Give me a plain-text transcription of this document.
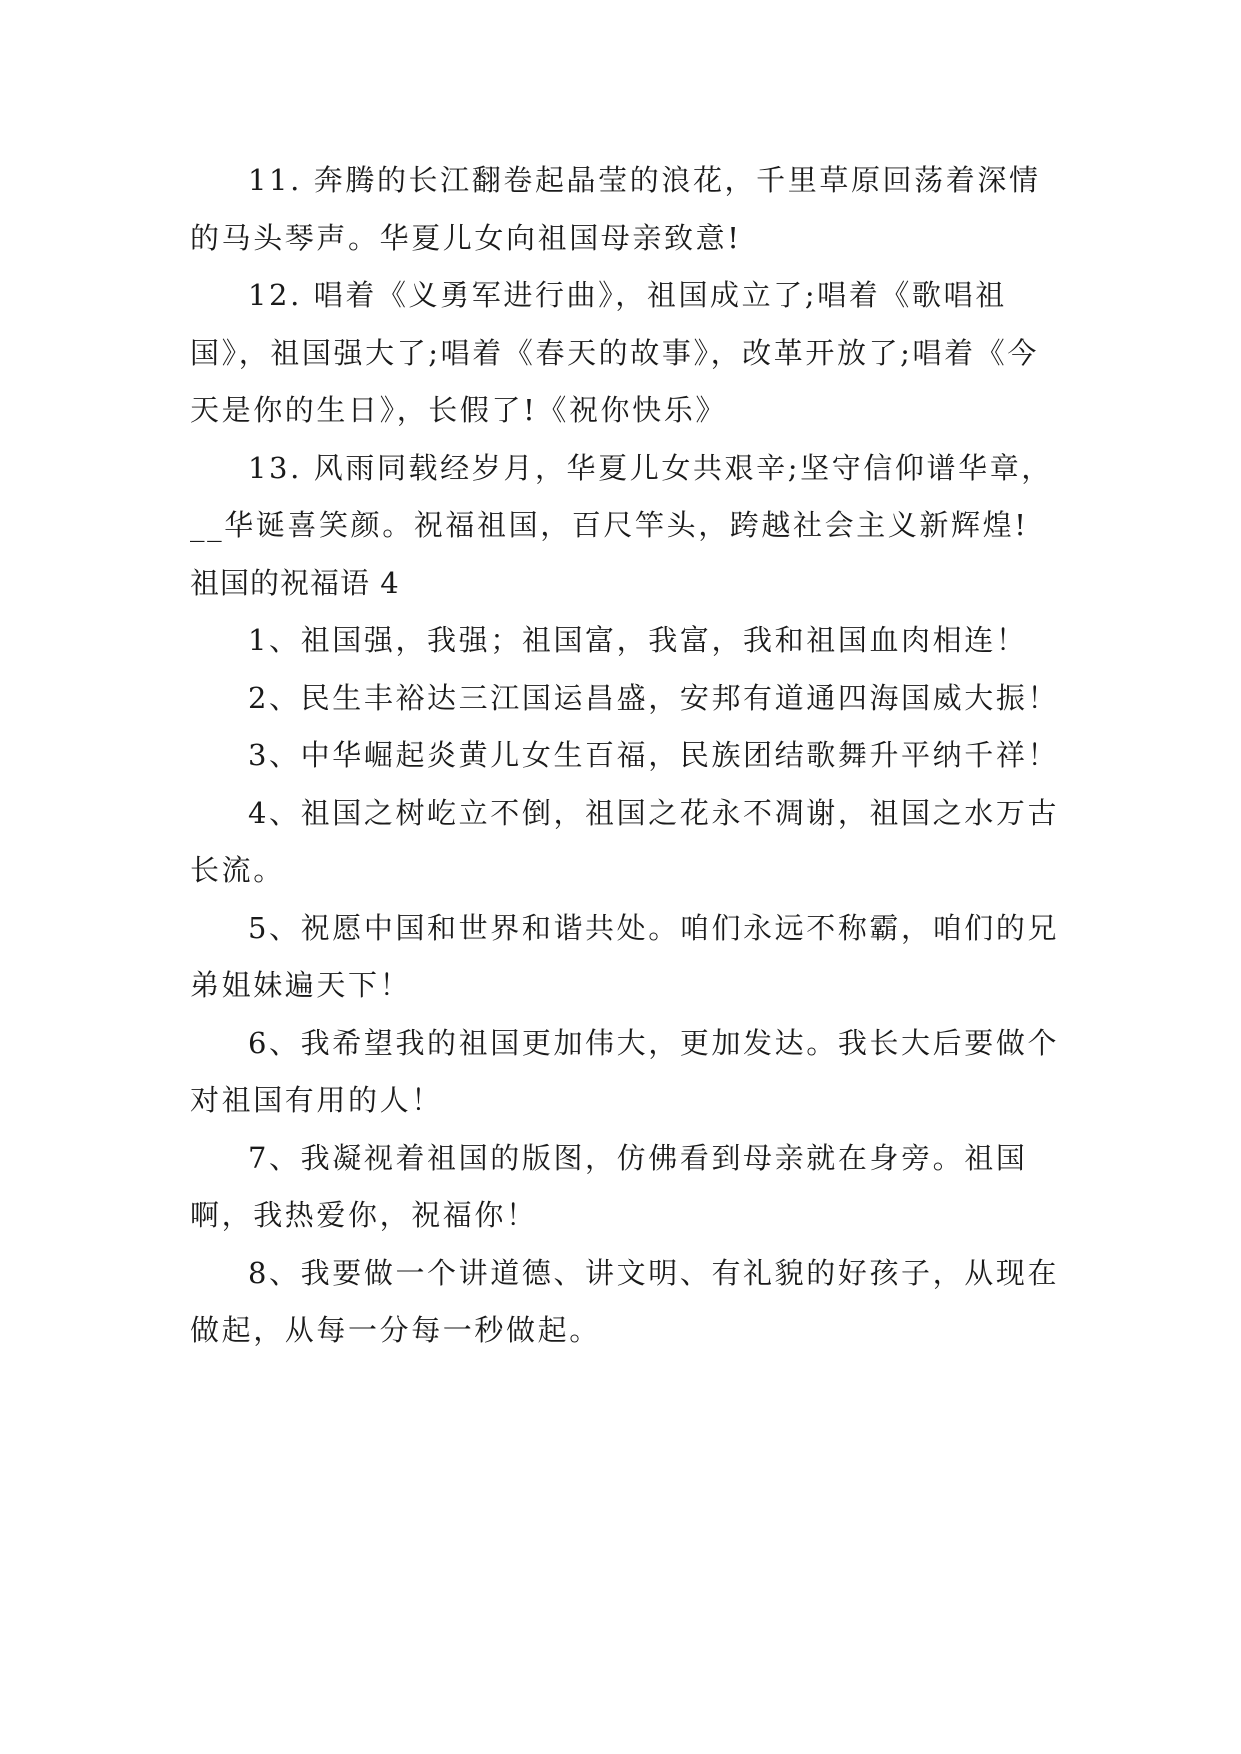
11. 奔腾的长江翻卷起晶莹的浪花，千里草原回荡着深情的马头琴声。华夏儿女向祖国母亲致意!

12. 唱着《义勇军进行曲》，祖国成立了;唱着《歌唱祖国》，祖国强大了;唱着《春天的故事》，改革开放了;唱着《今天是你的生日》，长假了!《祝你快乐》

13. 风雨同载经岁月，华夏儿女共艰辛;坚守信仰谱华章，__华诞喜笑颜。祝福祖国，百尺竿头，跨越社会主义新辉煌!

祖国的祝福语 4

1、祖国强，我强；祖国富，我富，我和祖国血肉相连！

2、民生丰裕达三江国运昌盛，安邦有道通四海国威大振！

3、中华崛起炎黄儿女生百福，民族团结歌舞升平纳千祥！

4、祖国之树屹立不倒，祖国之花永不凋谢，祖国之水万古长流。

5、祝愿中国和世界和谐共处。咱们永远不称霸，咱们的兄弟姐妹遍天下！

6、我希望我的祖国更加伟大，更加发达。我长大后要做个对祖国有用的人！

7、我凝视着祖国的版图，仿佛看到母亲就在身旁。祖国啊，我热爱你，祝福你！

8、我要做一个讲道德、讲文明、有礼貌的好孩子，从现在做起，从每一分每一秒做起。
